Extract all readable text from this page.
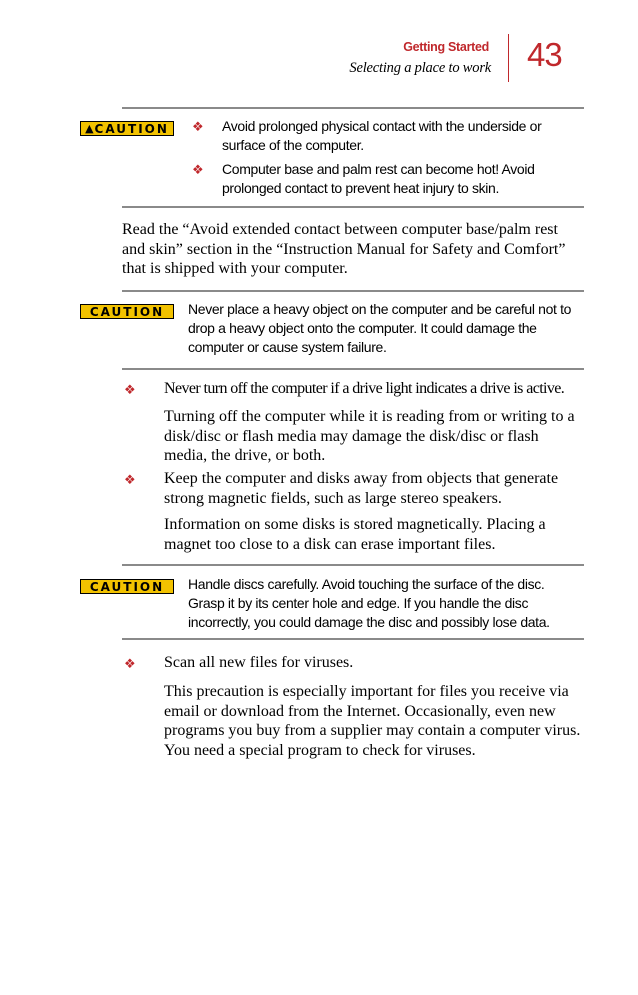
Getting Started
Selecting a place to work 43
▲ CAUTION ❖ Avoid prolonged physical contact with the underside or surface of the computer.
❖ Computer base and palm rest can become hot! Avoid prolonged contact to prevent heat injury to skin.
Read the “Avoid extended contact between computer base/palm rest and skin” section in the “Instruction Manual for Safety and Comfort” that is shipped with your computer.
CAUTION Never place a heavy object on the computer and be careful not to drop a heavy object onto the computer. It could damage the computer or cause system failure.
❖ Never turn off the computer if a drive light indicates a drive is active.
Turning off the computer while it is reading from or writing to a disk/disc or flash media may damage the disk/disc or flash media, the drive, or both.
❖ Keep the computer and disks away from objects that generate strong magnetic fields, such as large stereo speakers.
Information on some disks is stored magnetically. Placing a magnet too close to a disk can erase important files.
CAUTION Handle discs carefully. Avoid touching the surface of the disc. Grasp it by its center hole and edge. If you handle the disc incorrectly, you could damage the disc and possibly lose data.
❖ Scan all new files for viruses.
This precaution is especially important for files you receive via email or download from the Internet. Occasionally, even new programs you buy from a supplier may contain a computer virus. You need a special program to check for viruses.
